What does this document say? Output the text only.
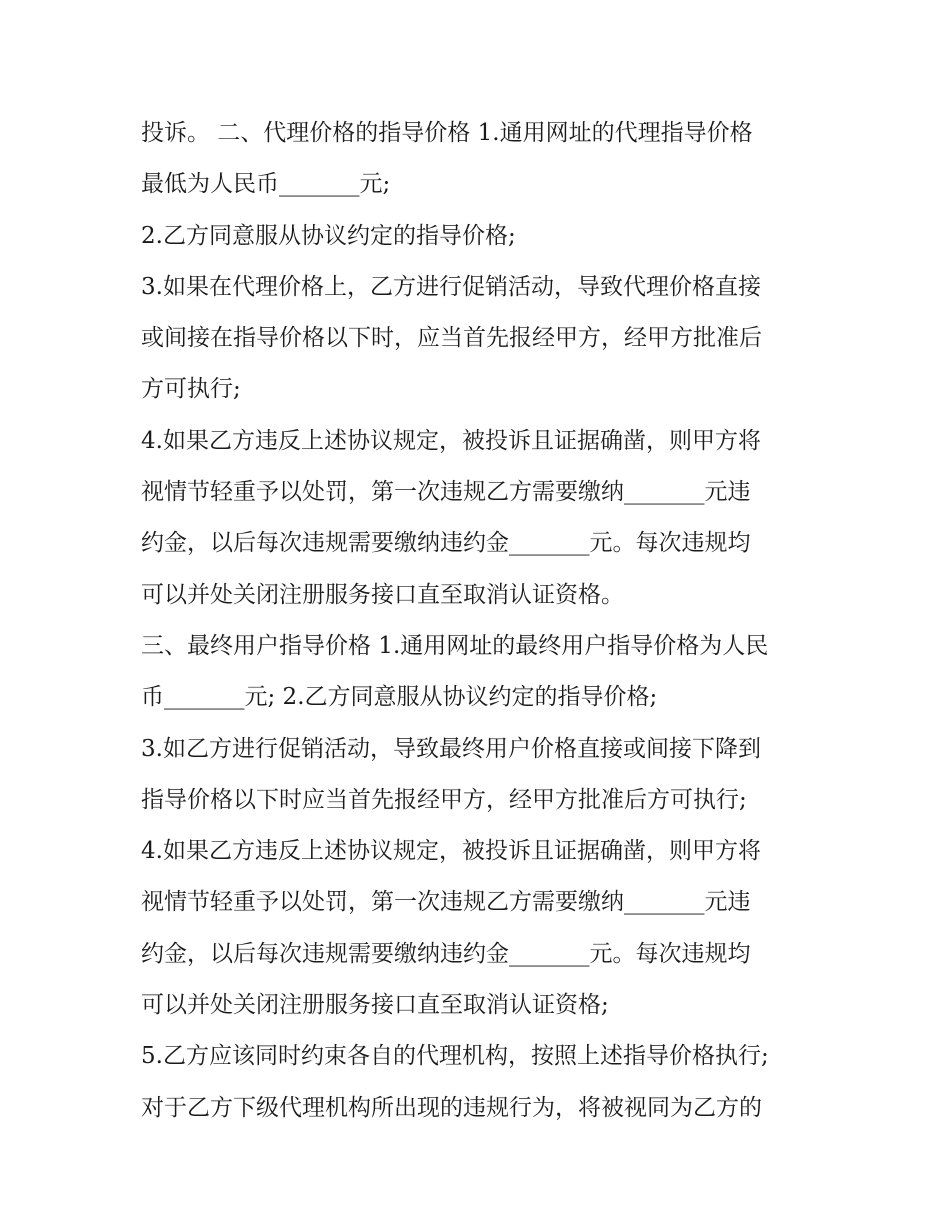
投诉。 二、代理价格的指导价格 1.通用网址的代理指导价格
最低为人民币_______元;
2.乙方同意服从协议约定的指导价格;
3.如果在代理价格上，乙方进行促销活动，导致代理价格直接
或间接在指导价格以下时，应当首先报经甲方，经甲方批准后
方可执行;
4.如果乙方违反上述协议规定，被投诉且证据确凿，则甲方将
视情节轻重予以处罚，第一次违规乙方需要缴纳_______元违
约金，以后每次违规需要缴纳违约金_______元。每次违规均
可以并处关闭注册服务接口直至取消认证资格。
三、最终用户指导价格 1.通用网址的最终用户指导价格为人民
币_______元; 2.乙方同意服从协议约定的指导价格;
3.如乙方进行促销活动，导致最终用户价格直接或间接下降到
指导价格以下时应当首先报经甲方，经甲方批准后方可执行;
4.如果乙方违反上述协议规定，被投诉且证据确凿，则甲方将
视情节轻重予以处罚，第一次违规乙方需要缴纳_______元违
约金，以后每次违规需要缴纳违约金_______元。每次违规均
可以并处关闭注册服务接口直至取消认证资格;
5.乙方应该同时约束各自的代理机构，按照上述指导价格执行;
对于乙方下级代理机构所出现的违规行为，将被视同为乙方的
